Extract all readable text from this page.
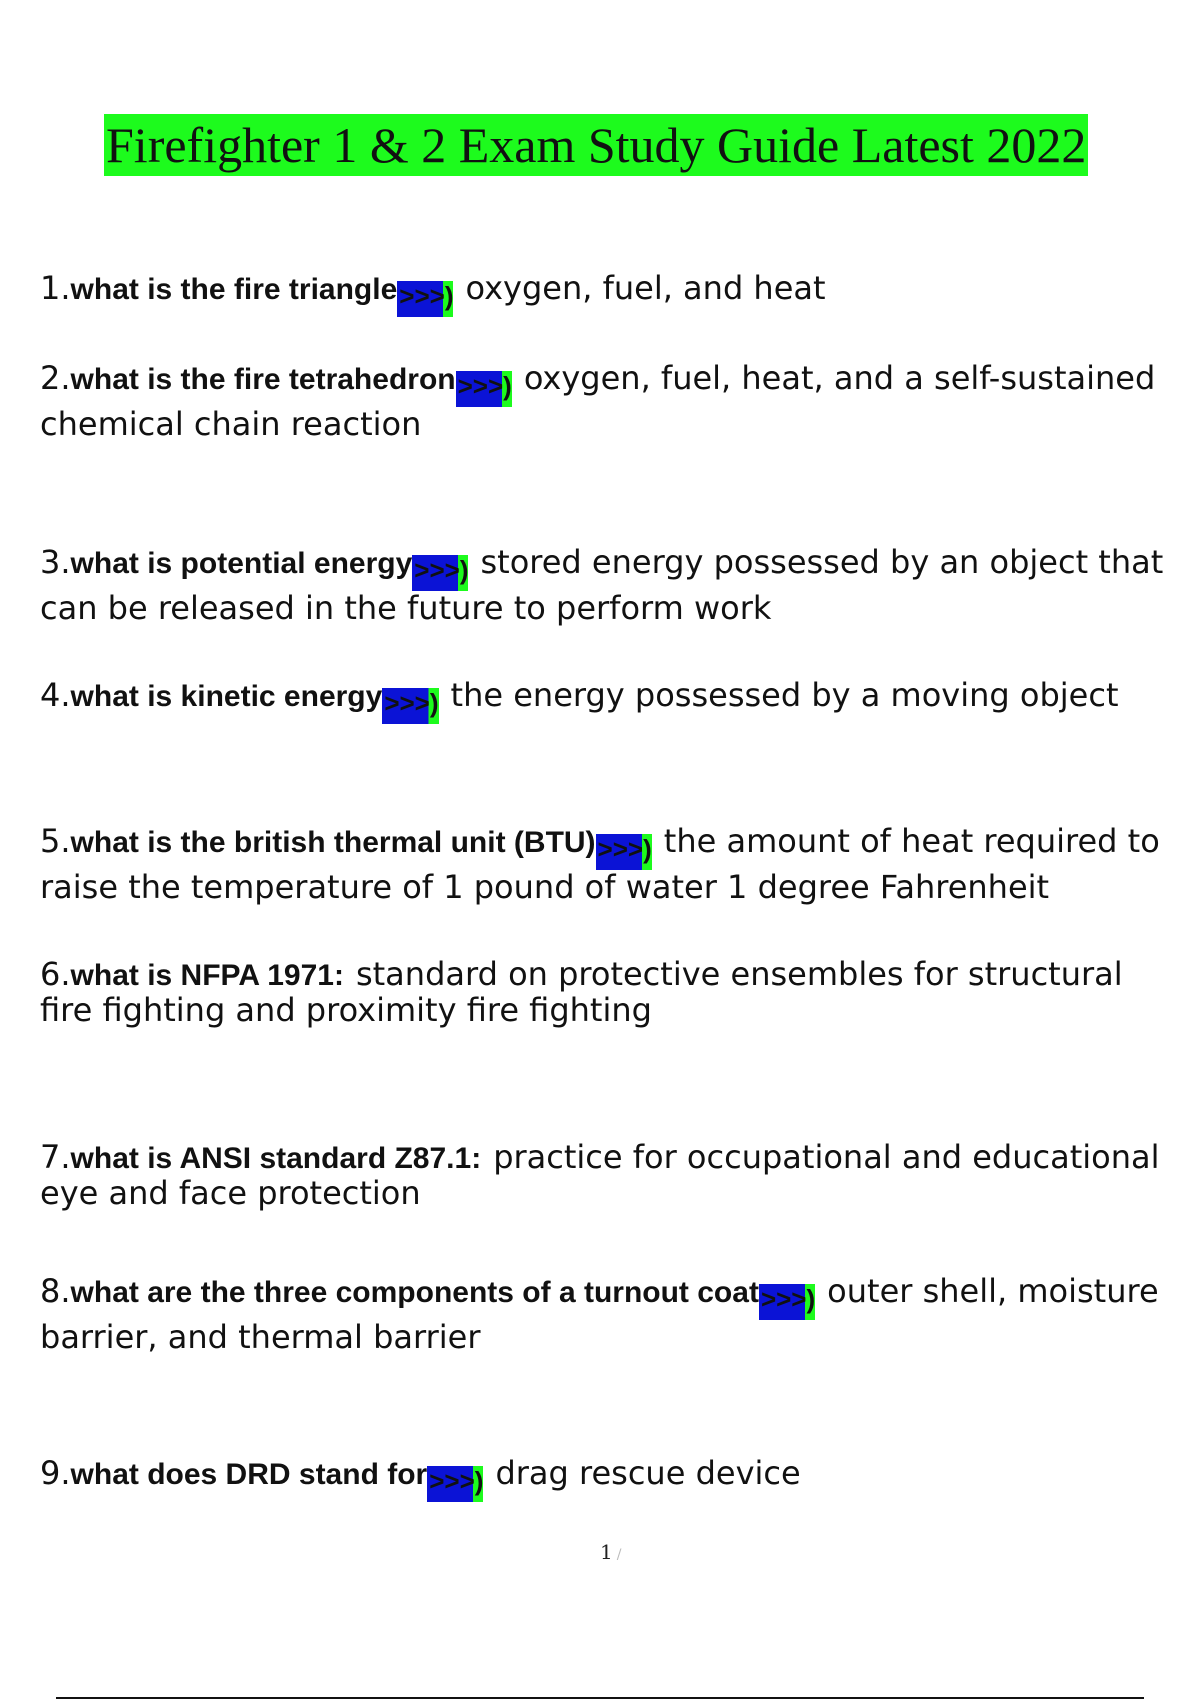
Firefighter 1 & 2 Exam Study Guide Latest 2022

1.what is the fire triangle>>>) oxygen, fuel, and heat

2.what is the fire tetrahedron>>>) oxygen, fuel, heat, and a self-sustained chemical chain reaction

3.what is potential energy>>>) stored energy possessed by an object that can be released in the future to perform work

4.what is kinetic energy>>>) the energy possessed by a moving object

5.what is the british thermal unit (BTU)>>>) the amount of heat required to raise the temperature of 1 pound of water 1 degree Fahrenheit

6.what is NFPA 1971: standard on protective ensembles for structural fire fighting and proximity fire fighting

7.what is ANSI standard Z87.1: practice for occupational and educational eye and face protection

8.what are the three components of a turnout coat>>>) outer shell, moisture barrier, and thermal barrier

9.what does DRD stand for>>>) drag rescue device

1 /
